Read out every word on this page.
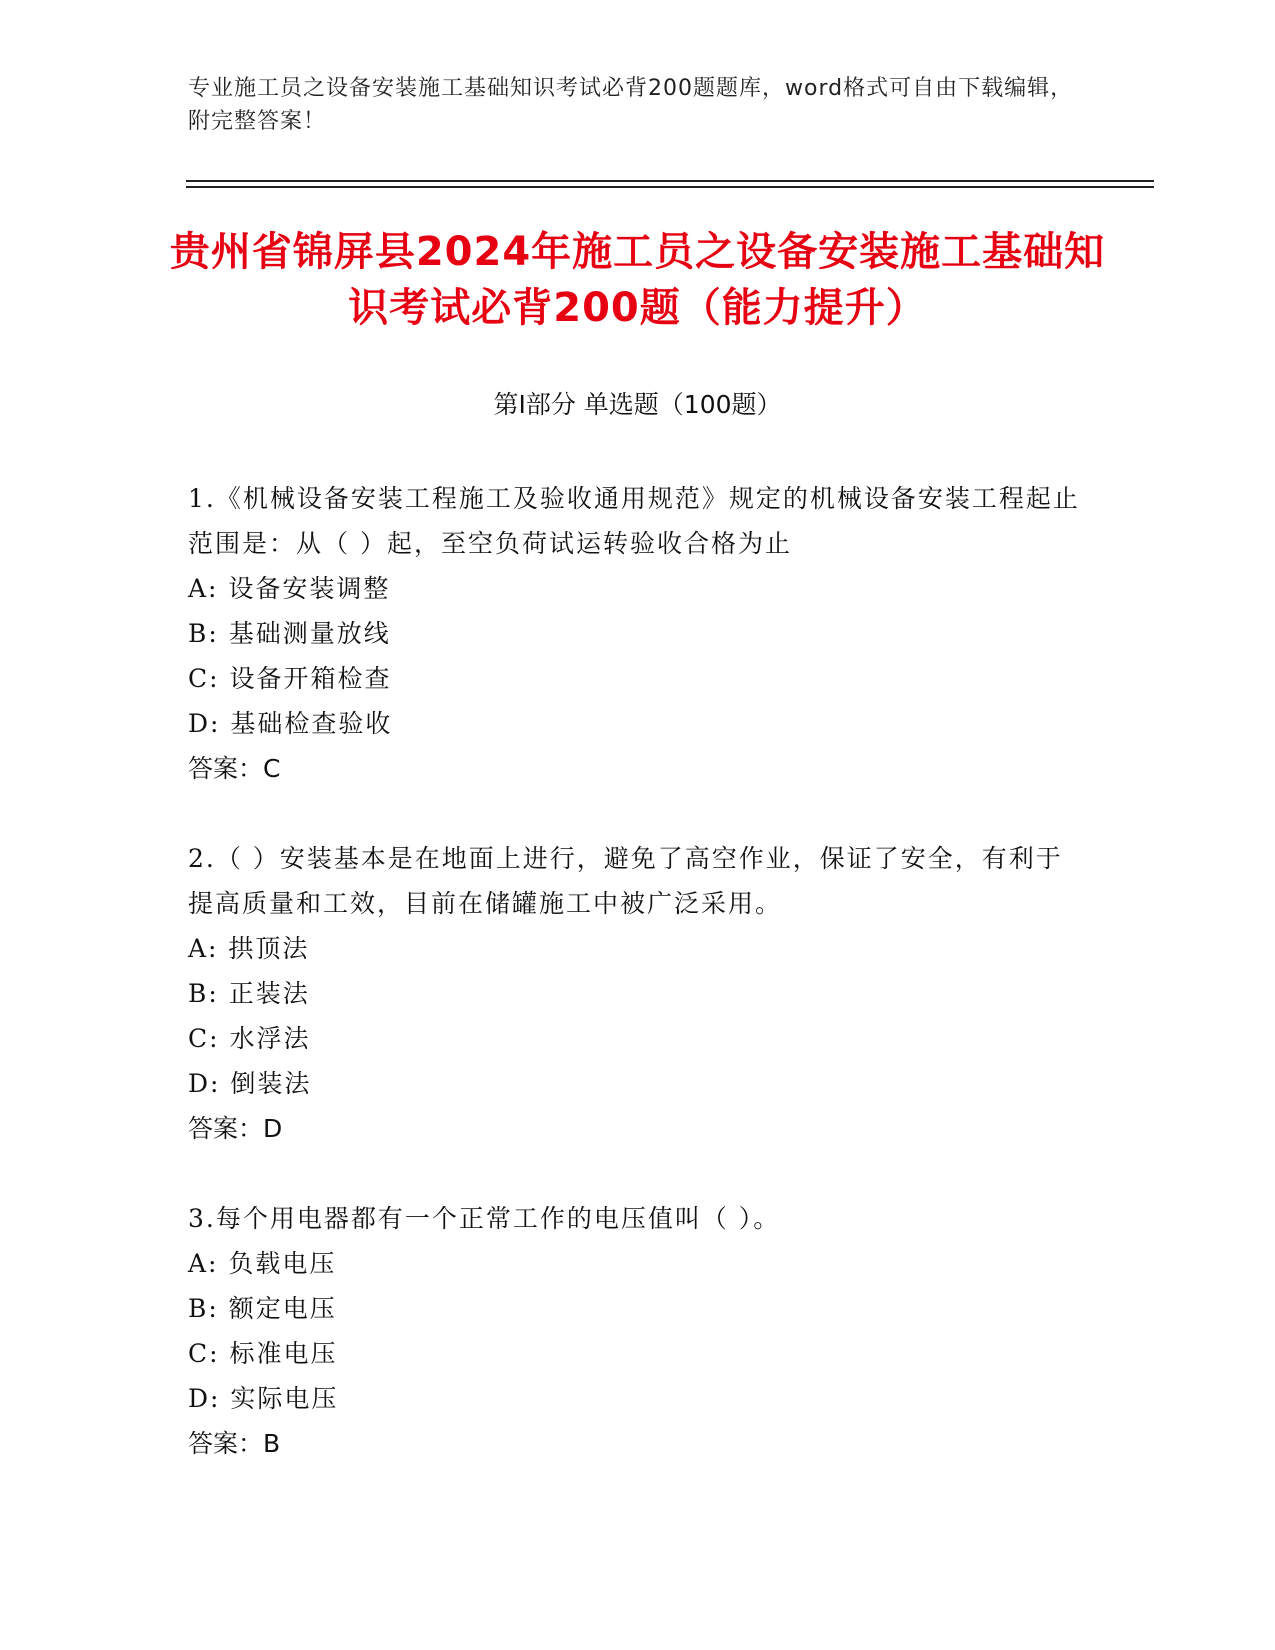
专业施工员之设备安装施工基础知识考试必背200题题库，word格式可自由下载编辑，附完整答案！
贵州省锦屏县2024年施工员之设备安装施工基础知识考试必背200题（能力提升）
第I部分 单选题（100题）

1.《机械设备安装工程施工及验收通用规范》规定的机械设备安装工程起止范围是：从（ ）起，至空负荷试运转验收合格为止

A: 设备安装调整

B: 基础测量放线

C: 设备开箱检查

D: 基础检查验收

答案：C

2.（ ）安装基本是在地面上进行，避免了高空作业，保证了安全，有利于提高质量和工效，目前在储罐施工中被广泛采用。

A: 拱顶法

B: 正装法

C: 水浮法

D: 倒装法

答案：D

3.每个用电器都有一个正常工作的电压值叫（ ）。

A: 负载电压

B: 额定电压

C: 标准电压

D: 实际电压

答案：B
